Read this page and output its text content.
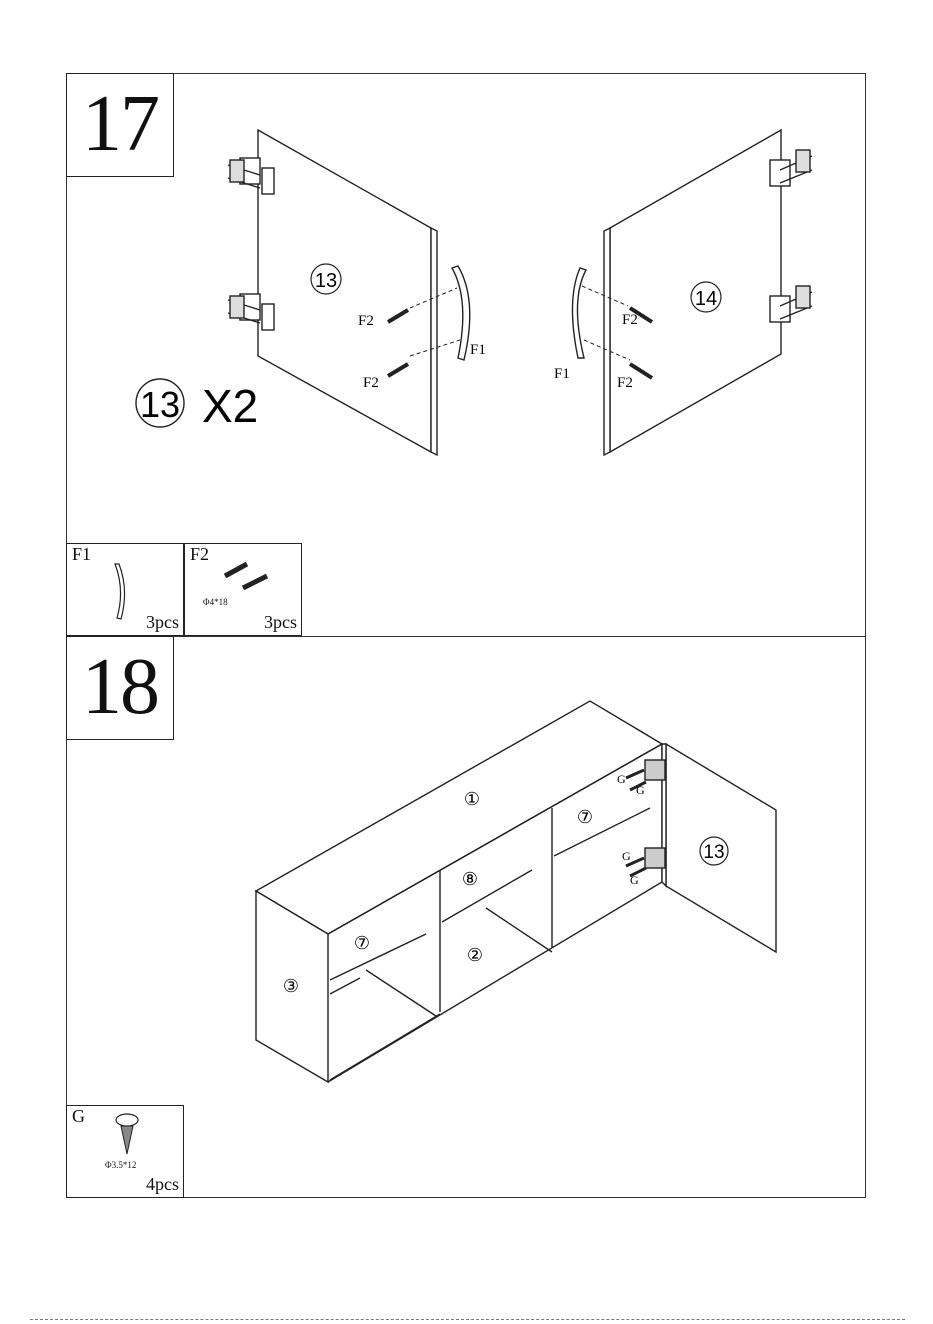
17
13
F2
F2
F1
14
F2
F2
F1
13 X2
F1
3pcs
F2
Φ4*18
3pcs
18
G
G
G
G
①
⑦
⑧
⑦
②
③
13
G
Φ3.5*12
4pcs
